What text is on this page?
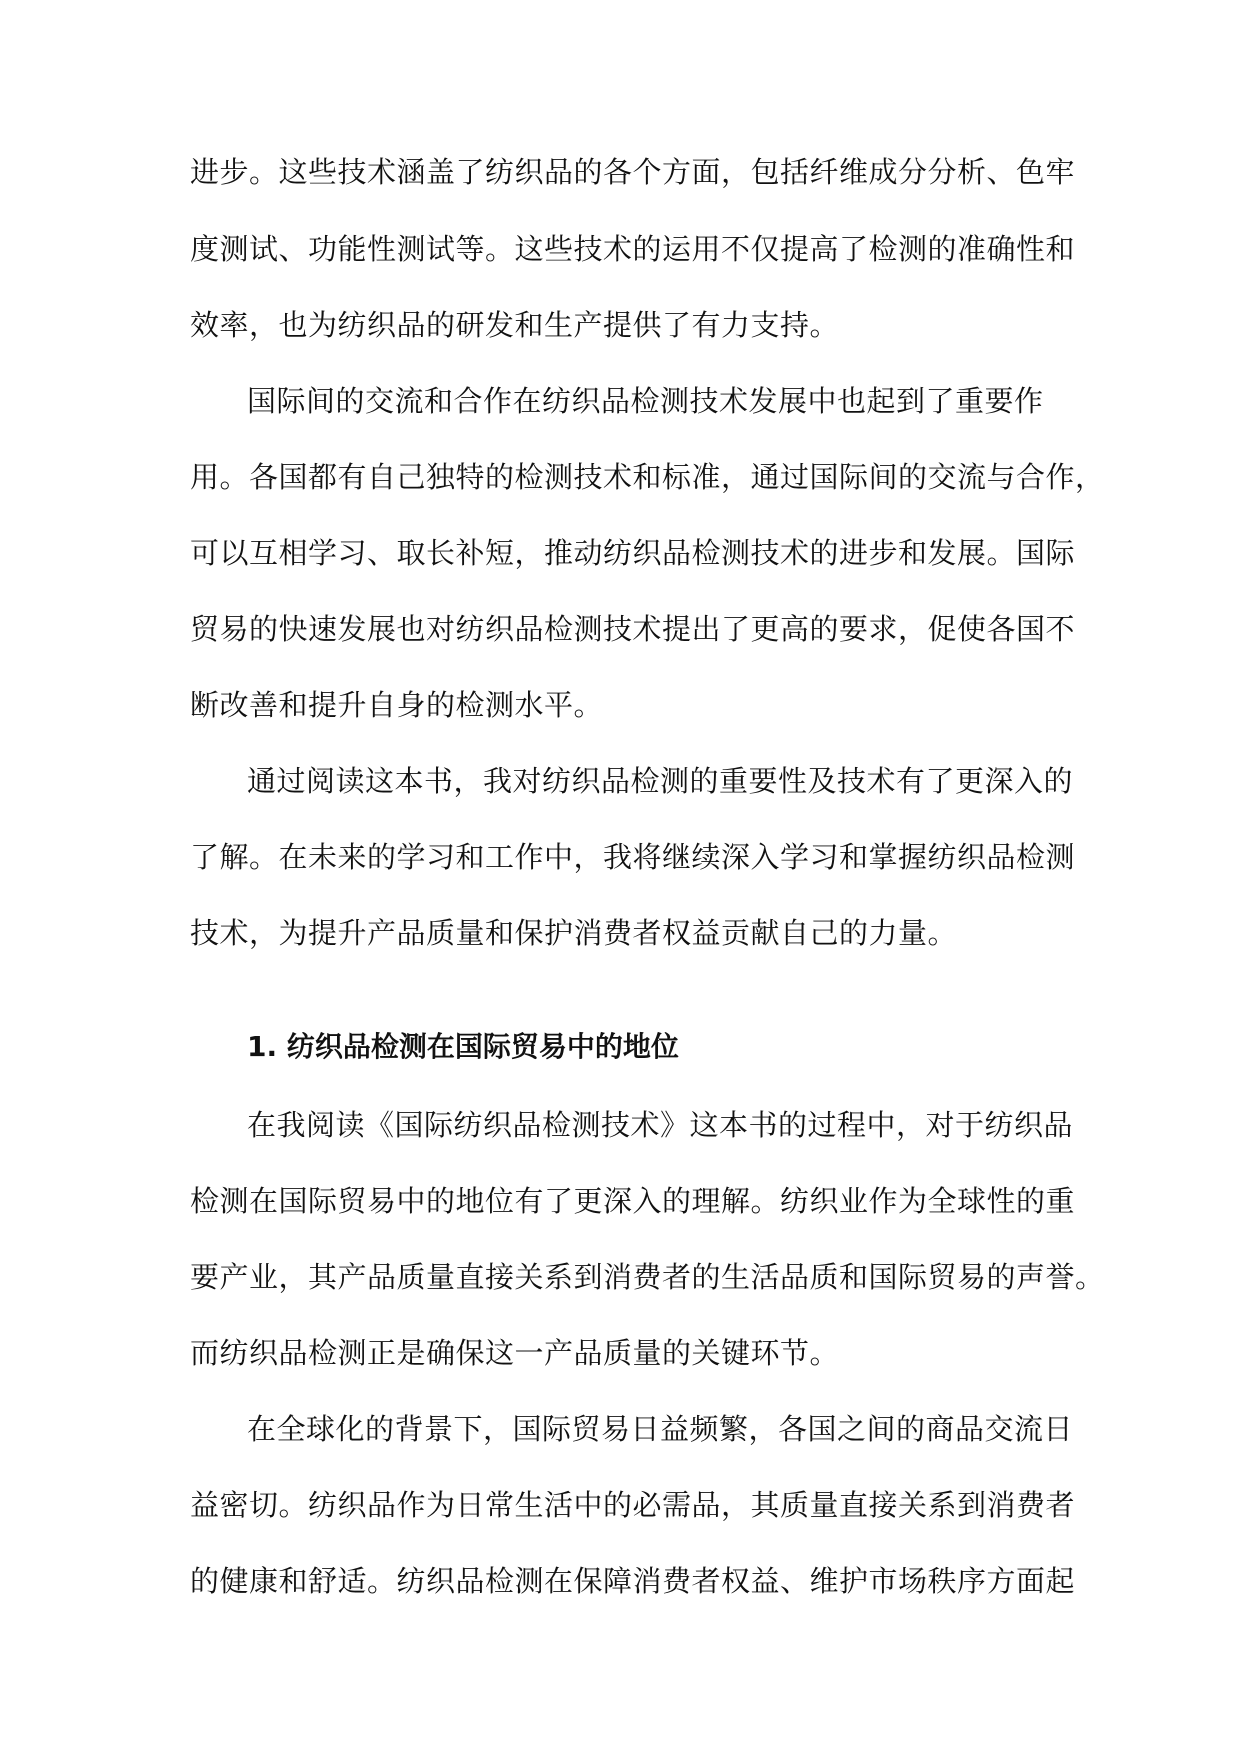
进步。这些技术涵盖了纺织品的各个方面，包括纤维成分分析、色牢
度测试、功能性测试等。这些技术的运用不仅提高了检测的准确性和
效率，也为纺织品的研发和生产提供了有力支持。
国际间的交流和合作在纺织品检测技术发展中也起到了重要作
用。各国都有自己独特的检测技术和标准，通过国际间的交流与合作，
可以互相学习、取长补短，推动纺织品检测技术的进步和发展。国际
贸易的快速发展也对纺织品检测技术提出了更高的要求，促使各国不
断改善和提升自身的检测水平。
通过阅读这本书，我对纺织品检测的重要性及技术有了更深入的
了解。在未来的学习和工作中，我将继续深入学习和掌握纺织品检测
技术，为提升产品质量和保护消费者权益贡献自己的力量。
1. 纺织品检测在国际贸易中的地位
在我阅读《国际纺织品检测技术》这本书的过程中，对于纺织品
检测在国际贸易中的地位有了更深入的理解。纺织业作为全球性的重
要产业，其产品质量直接关系到消费者的生活品质和国际贸易的声誉。
而纺织品检测正是确保这一产品质量的关键环节。
在全球化的背景下，国际贸易日益频繁，各国之间的商品交流日
益密切。纺织品作为日常生活中的必需品，其质量直接关系到消费者
的健康和舒适。纺织品检测在保障消费者权益、维护市场秩序方面起
